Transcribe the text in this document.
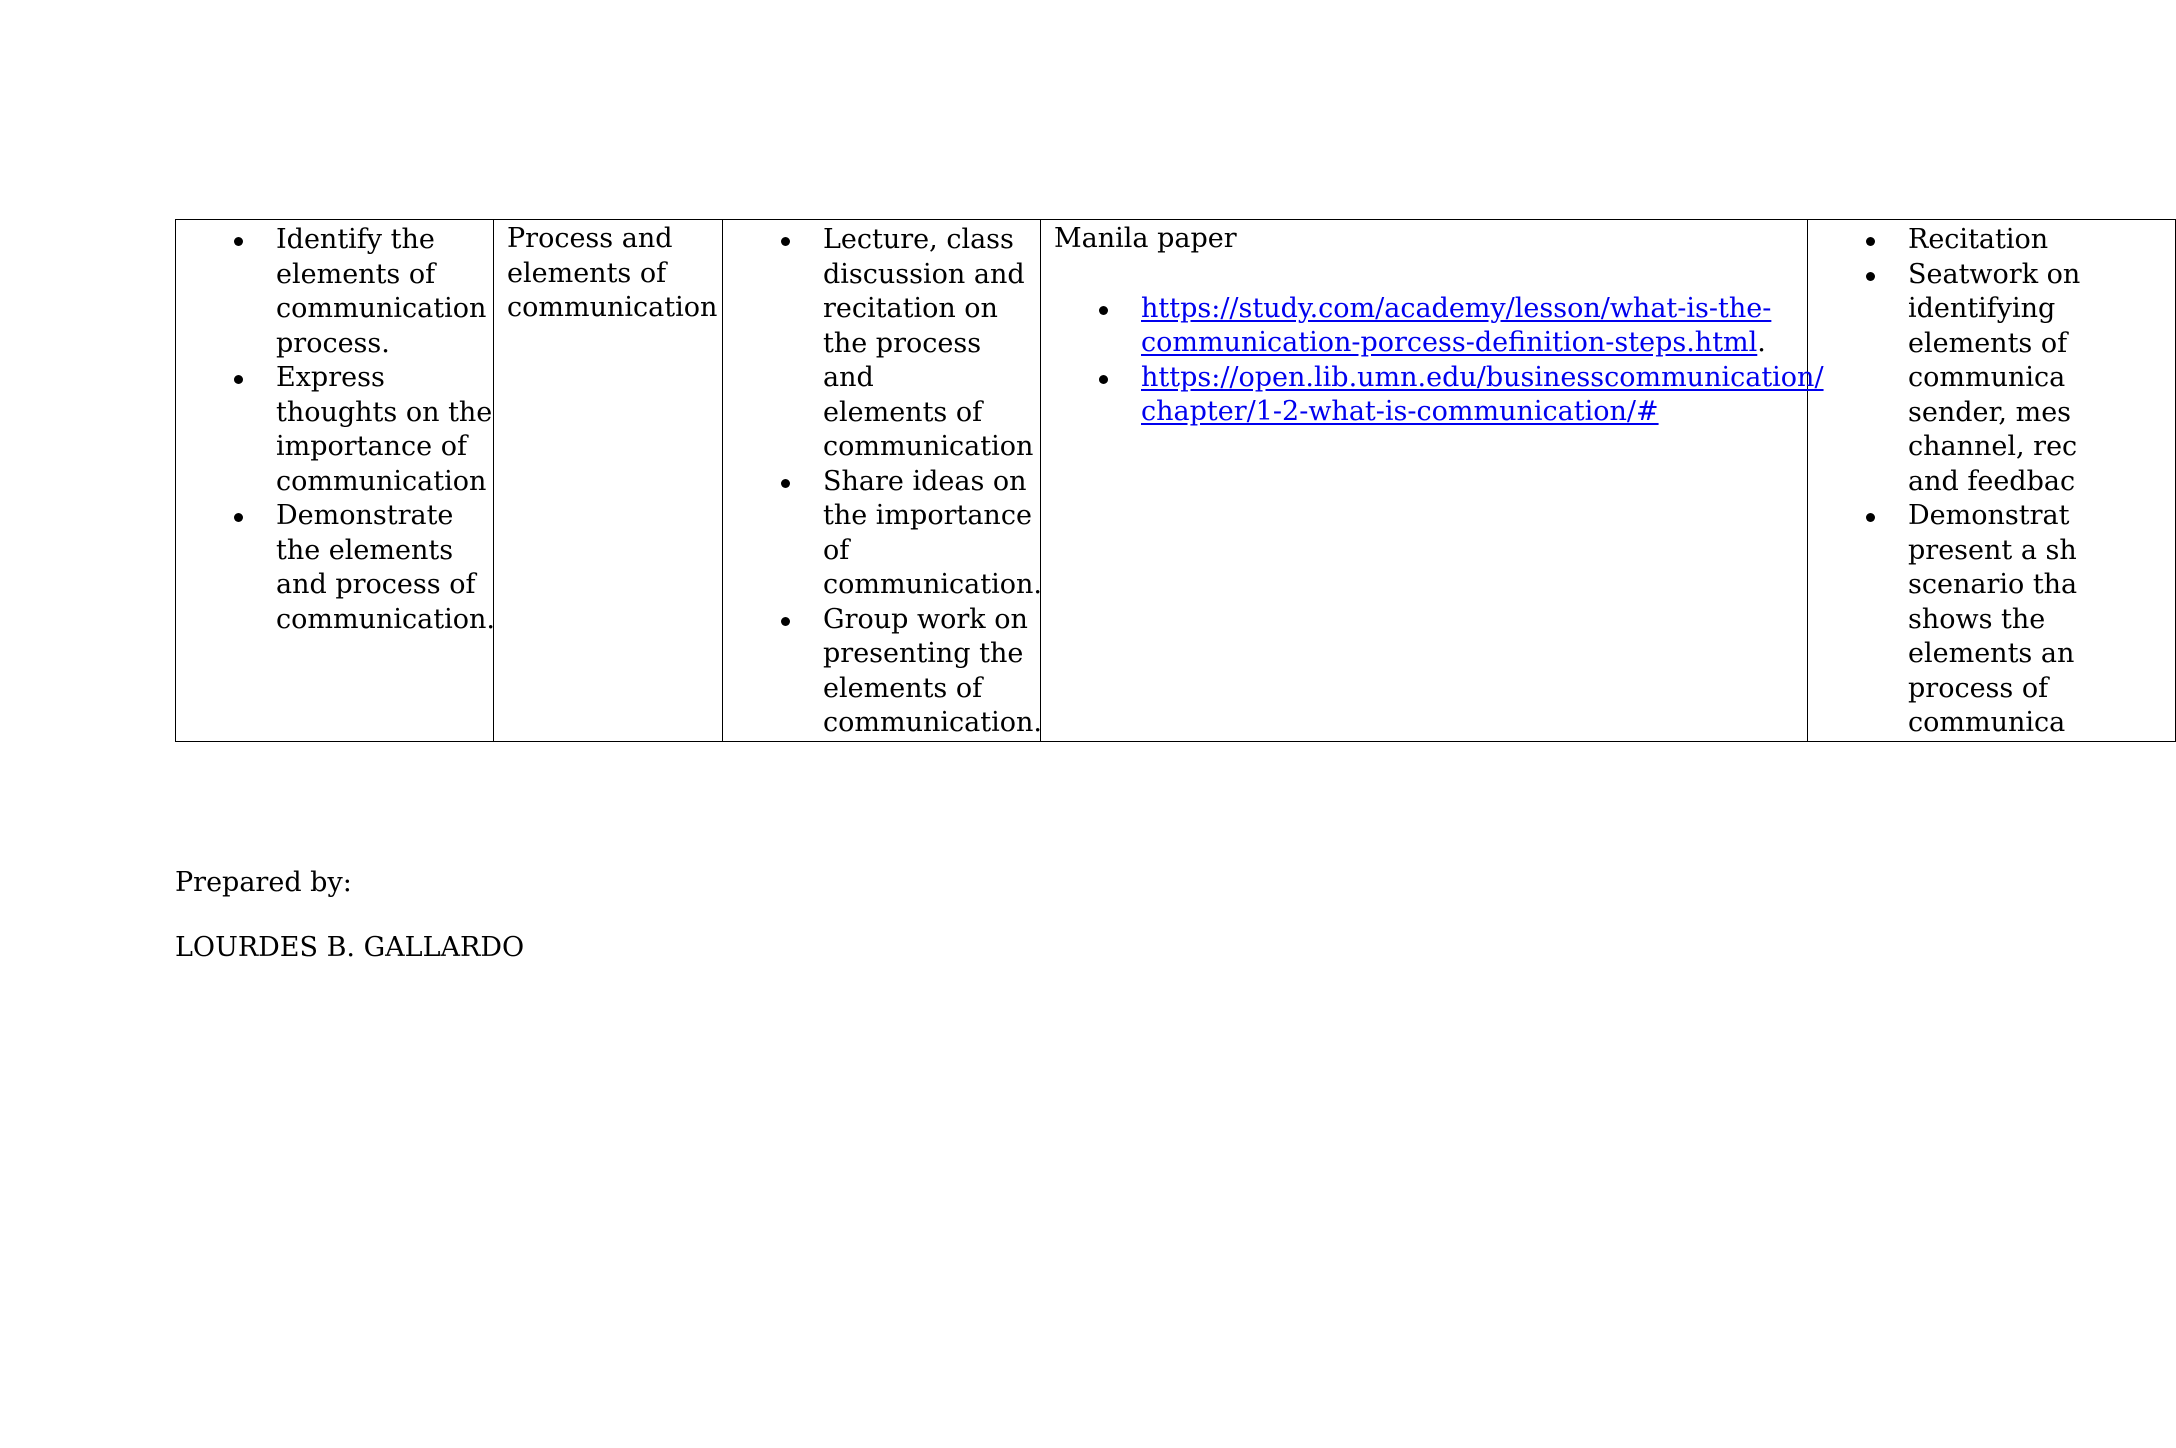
Identify the
elements of
communication
process.
Express
thoughts on the
importance of
communication
Demonstrate
the elements
and process of
communication.

Process and
elements of
communication

Lecture, class
discussion and
recitation on
the process and
elements of
communication
Share ideas on
the importance
of
communication.
Group work on
presenting the
elements of
communication.

Manila paper
https://study.com/academy/lesson/what-is-the-
communication-porcess-definition-steps.html.
https://open.lib.umn.edu/businesscommunication/
chapter/1-2-what-is-communication/#

Recitation
Seatwork on
identifying
elements of
communica
sender, mes
channel, rec
and feedbac
Demonstrat
present a sh
scenario tha
shows the
elements an
process of
communica
Prepared by:
LOURDES B. GALLARDO
